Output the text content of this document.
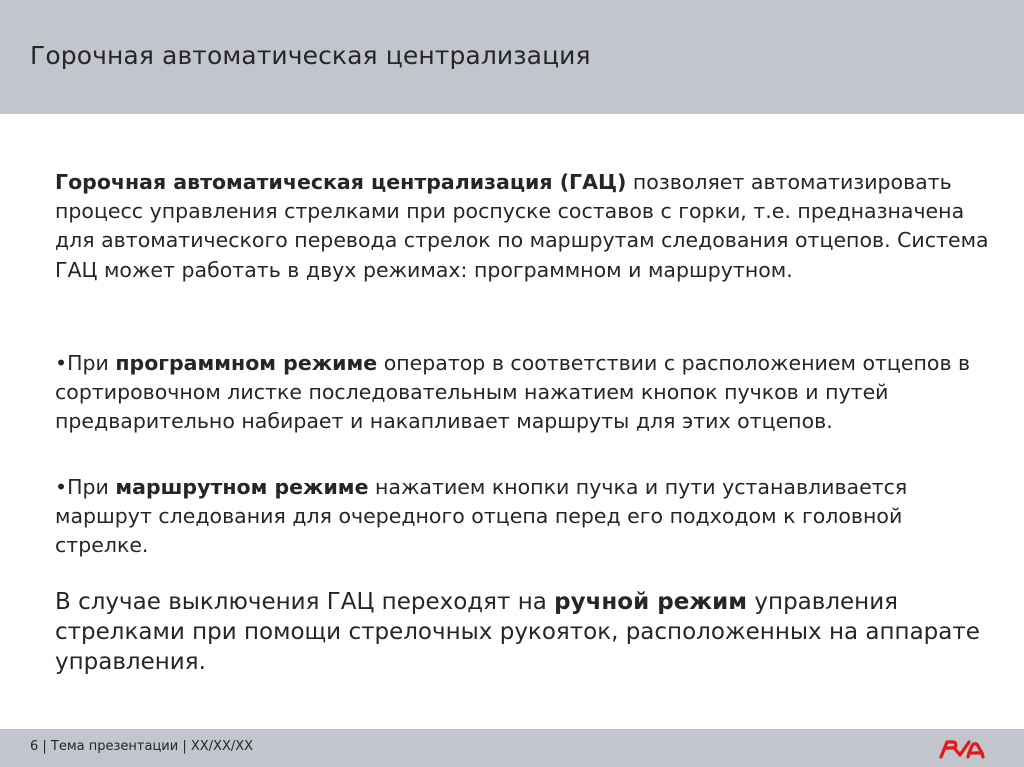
Горочная автоматическая централизация

Горочная автоматическая централизация (ГАЦ) позволяет автоматизировать процесс управления стрелками при роспуске составов с горки, т.е. предназначена для автоматического перевода стрелок по маршрутам следования отцепов. Система ГАЦ может работать в двух режимах: программном и маршрутном.

•При программном режиме оператор в соответствии с расположением отцепов в сортировочном листке последовательным нажатием кнопок пучков и путей предварительно набирает и накапливает маршруты для этих отцепов.

•При маршрутном режиме нажатием кнопки пучка и пути устанавливается маршрут следования для очередного отцепа перед его подходом к головной стрелке.

В случае выключения ГАЦ переходят на ручной режим управления стрелками при помощи стрелочных рукояток, расположенных на аппарате управления.

6 | Тема презентации | ХХ/ХХ/ХХ
